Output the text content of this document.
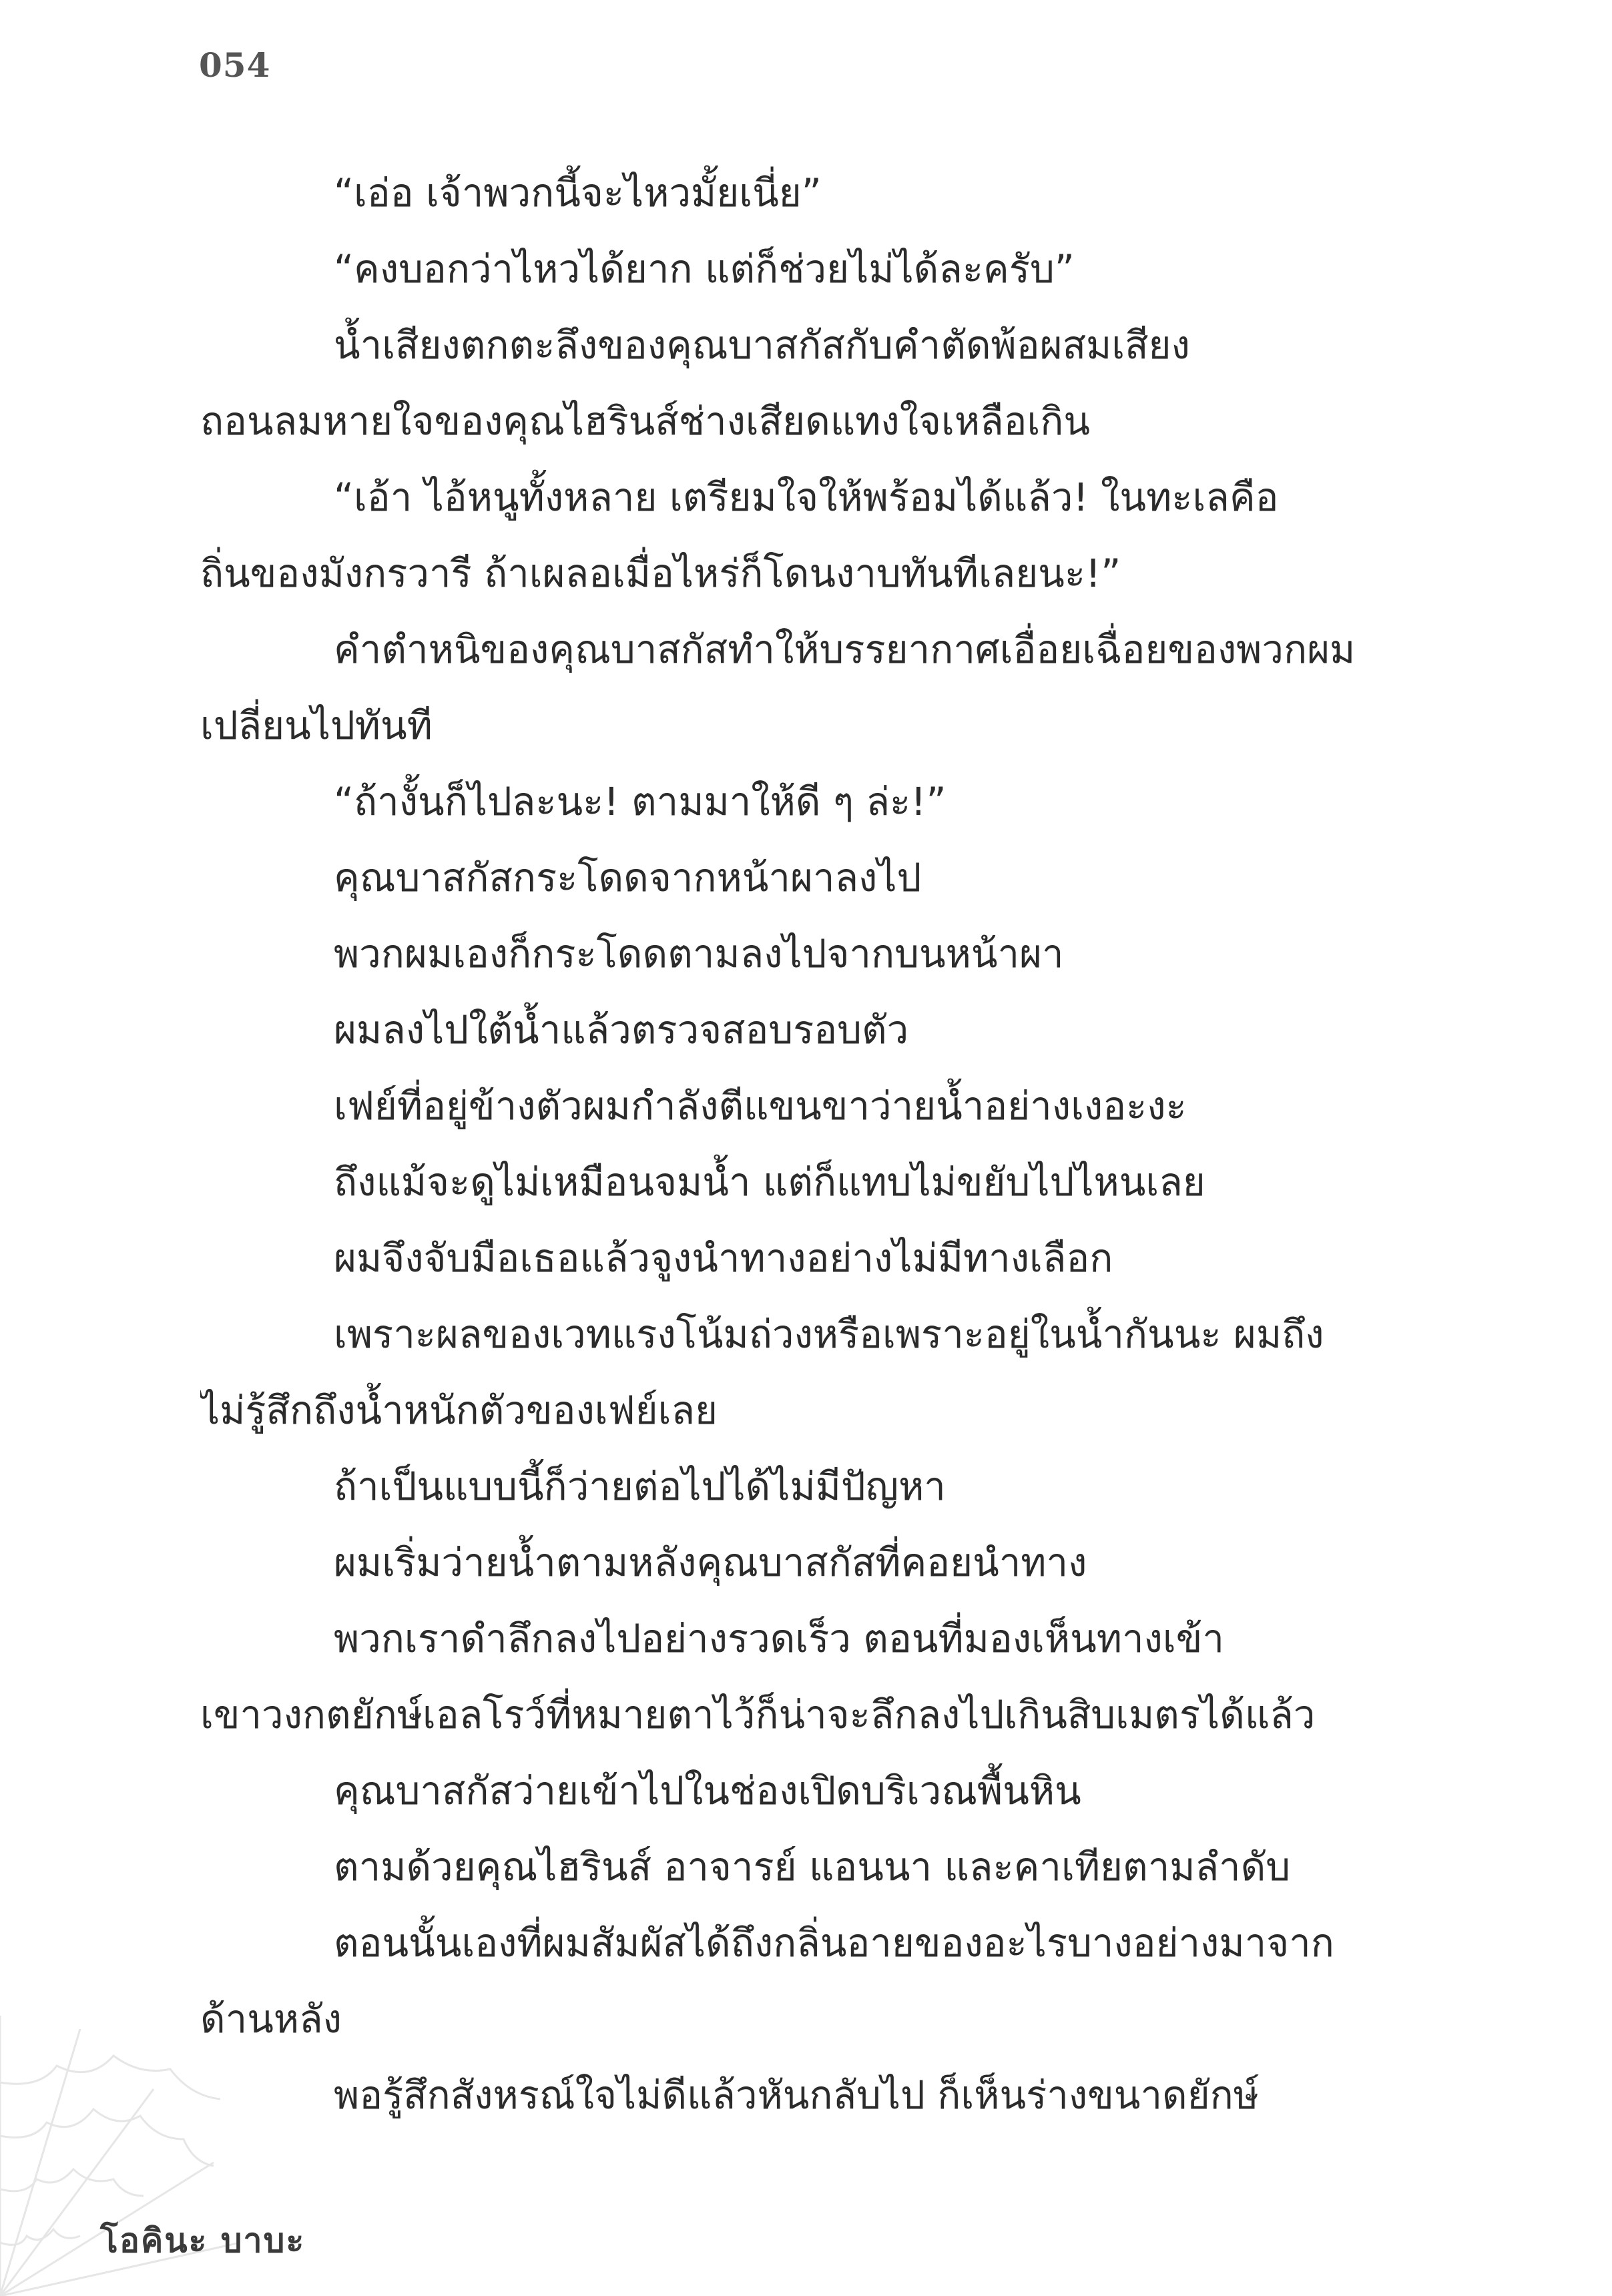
054
“เอ่อ เจ้าพวกนี้จะไหวมั้ยเนี่ย”
“คงบอกว่าไหวได้ยาก แต่ก็ช่วยไม่ได้ละครับ”
น้ำเสียงตกตะลึงของคุณบาสกัสกับคำตัดพ้อผสมเสียง
ถอนลมหายใจของคุณไฮรินส์ช่างเสียดแทงใจเหลือเกิน
“เอ้า ไอ้หนูทั้งหลาย เตรียมใจให้พร้อมได้แล้ว! ในทะเลคือ
ถิ่นของมังกรวารี ถ้าเผลอเมื่อไหร่ก็โดนงาบทันทีเลยนะ!”
คำตำหนิของคุณบาสกัสทำให้บรรยากาศเอื่อยเฉื่อยของพวกผม
เปลี่ยนไปทันที
“ถ้างั้นก็ไปละนะ! ตามมาให้ดี ๆ ล่ะ!”
คุณบาสกัสกระโดดจากหน้าผาลงไป
พวกผมเองก็กระโดดตามลงไปจากบนหน้าผา
ผมลงไปใต้น้ำแล้วตรวจสอบรอบตัว
เฟย์ที่อยู่ข้างตัวผมกำลังตีแขนขาว่ายน้ำอย่างเงอะงะ
ถึงแม้จะดูไม่เหมือนจมน้ำ แต่ก็แทบไม่ขยับไปไหนเลย
ผมจึงจับมือเธอแล้วจูงนำทางอย่างไม่มีทางเลือก
เพราะผลของเวทแรงโน้มถ่วงหรือเพราะอยู่ในน้ำกันนะ ผมถึง
ไม่รู้สึกถึงน้ำหนักตัวของเฟย์เลย
ถ้าเป็นแบบนี้ก็ว่ายต่อไปได้ไม่มีปัญหา
ผมเริ่มว่ายน้ำตามหลังคุณบาสกัสที่คอยนำทาง
พวกเราดำลึกลงไปอย่างรวดเร็ว ตอนที่มองเห็นทางเข้า
เขาวงกตยักษ์เอลโรว์ที่หมายตาไว้ก็น่าจะลึกลงไปเกินสิบเมตรได้แล้ว
คุณบาสกัสว่ายเข้าไปในช่องเปิดบริเวณพื้นหิน
ตามด้วยคุณไฮรินส์ อาจารย์ แอนนา และคาเทียตามลำดับ
ตอนนั้นเองที่ผมสัมผัสได้ถึงกลิ่นอายของอะไรบางอย่างมาจาก
ด้านหลัง
พอรู้สึกสังหรณ์ใจไม่ดีแล้วหันกลับไป ก็เห็นร่างขนาดยักษ์
โอคินะ บาบะ
